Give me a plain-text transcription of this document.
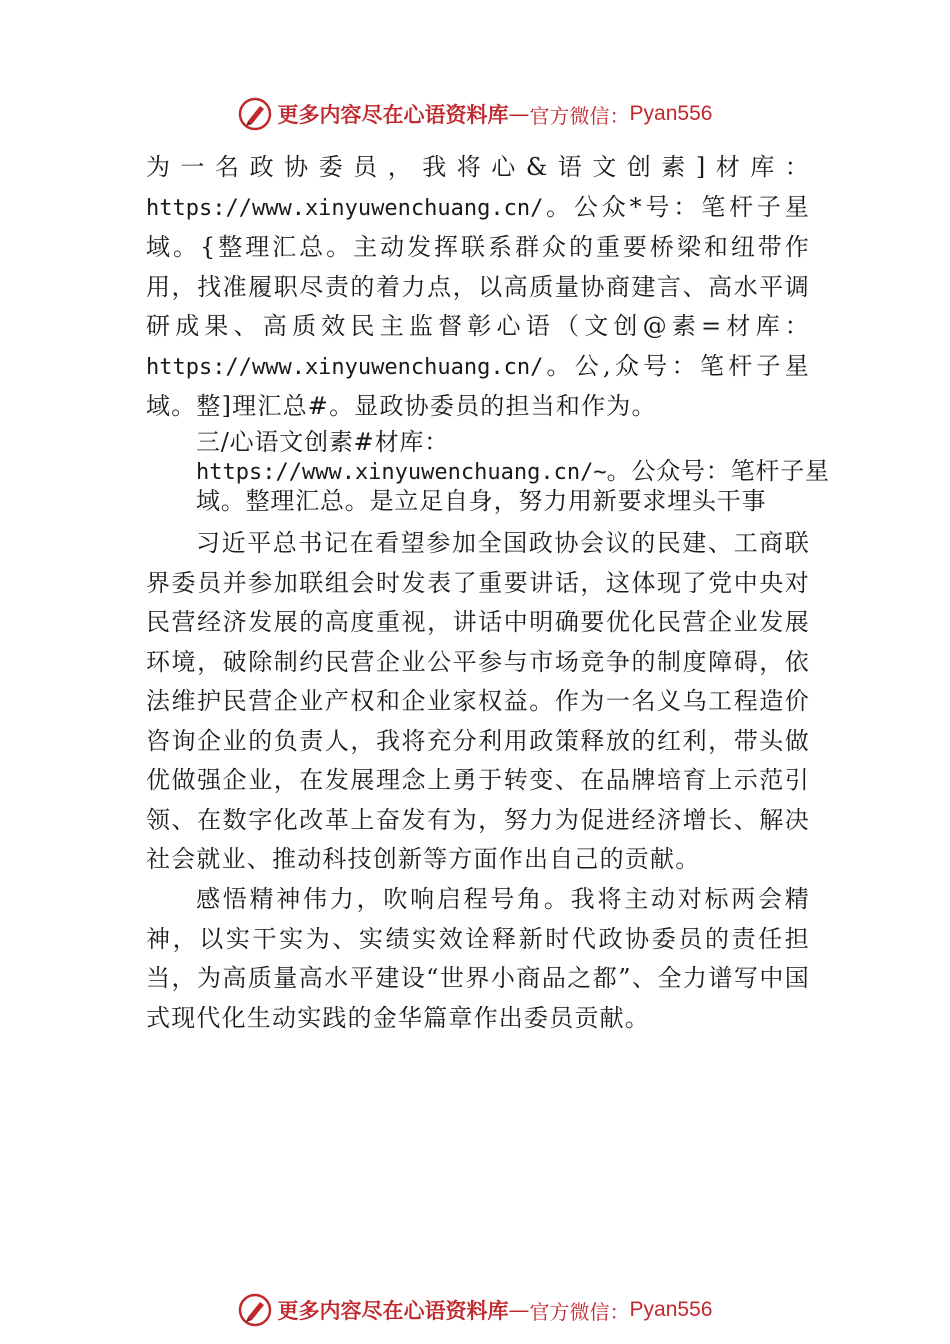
更多内容尽在心语资料库 — 官方微信： Pyan556

为一名政协委员，我将心&语文创素]材库：https://www.xinyuwenchuang.cn/。公众*号：笔杆子星域。{整理汇总。主动发挥联系群众的重要桥梁和纽带作用，找准履职尽责的着力点，以高质量协商建言、高水平调研成果、高质效民主监督彰心语（文创@素=材库：https://www.xinyuwenchuang.cn/。公,众号：笔杆子星域。整]理汇总#。显政协委员的担当和作为。

三/心语文创素#材库：https://www.xinyuwenchuang.cn/~。公众号：笔杆子星域。整理汇总。是立足自身，努力用新要求埋头干事

习近平总书记在看望参加全国政协会议的民建、工商联界委员并参加联组会时发表了重要讲话，这体现了党中央对民营经济发展的高度重视，讲话中明确要优化民营企业发展环境，破除制约民营企业公平参与市场竞争的制度障碍，依法维护民营企业产权和企业家权益。作为一名义乌工程造价咨询企业的负责人，我将充分利用政策释放的红利，带头做优做强企业，在发展理念上勇于转变、在品牌培育上示范引领、在数字化改革上奋发有为，努力为促进经济增长、解决社会就业、推动科技创新等方面作出自己的贡献。

感悟精神伟力，吹响启程号角。我将主动对标两会精神，以实干实为、实绩实效诠释新时代政协委员的责任担当，为高质量高水平建设“世界小商品之都”、全力谱写中国式现代化生动实践的金华篇章作出委员贡献。

更多内容尽在心语资料库 — 官方微信： Pyan556
